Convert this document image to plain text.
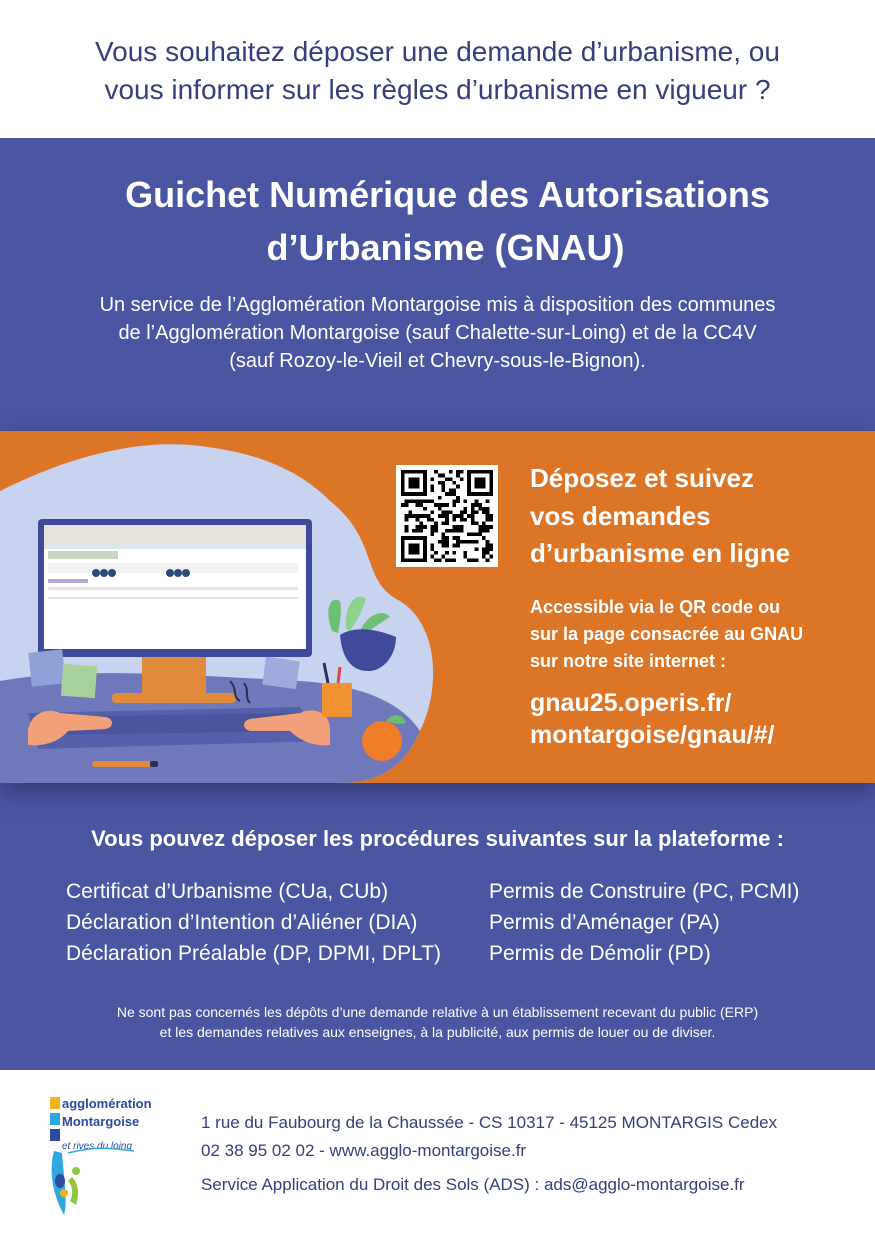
Vous souhaitez déposer une demande d’urbanisme, ou
vous informer sur les règles d’urbanisme en vigueur ?
Guichet Numérique des Autorisations
d’Urbanisme (GNAU)
Un service de l’Agglomération Montargoise mis à disposition des communes
de l’Agglomération Montargoise (sauf Chalette-sur-Loing) et de la CC4V
(sauf Rozoy-le-Vieil et Chevry-sous-le-Bignon).
Déposez et suivez
vos demandes
d’urbanisme en ligne
Accessible via le QR code ou
sur la page consacrée au GNAU
sur notre site internet :
gnau25.operis.fr/
montargoise/gnau/#/
Vous pouvez déposer les procédures suivantes sur la plateforme :
Certificat d’Urbanisme (CUa, CUb)
Déclaration d’Intention d’Aliéner (DIA)
Déclaration Préalable (DP, DPMI, DPLT)
Permis de Construire (PC, PCMI)
Permis d’Aménager (PA)
Permis de Démolir (PD)
Ne sont pas concernés les dépôts d’une demande relative à un établissement recevant du public (ERP)
et les demandes relatives aux enseignes, à la publicité, aux permis de louer ou de diviser.
agglomération
Montargoise
et rives du loing
1 rue du Faubourg de la Chaussée - CS 10317 - 45125 MONTARGIS Cedex
02 38 95 02 02 - www.agglo-montargoise.fr
Service Application du Droit des Sols (ADS) : ads@agglo-montargoise.fr
